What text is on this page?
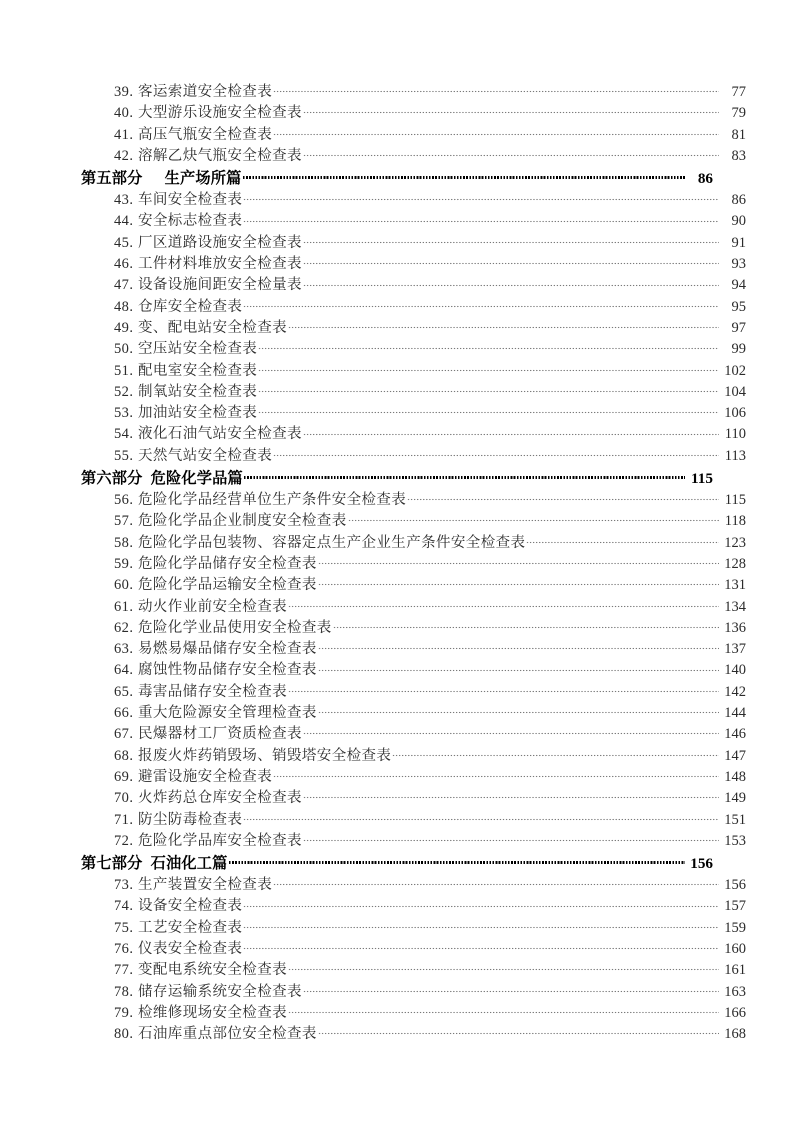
39 . 客运索道安全检查表	77
40 . 大型游乐设施安全检查表	79
41 . 高压气瓶安全检查表	81
42 . 溶解乙炔气瓶安全检查表	83
第五部分 生产场所篇	86
43 . 车间安全检查表	86
44 . 安全标志检查表	90
45 . 厂区道路设施安全检查表	91
46 . 工件材料堆放安全检查表	93
47 . 设备设施间距安全检量表	94
48 . 仓库安全检查表	95
49 . 变、配电站安全检查表	97
50 . 空压站安全检查表	99
51 . 配电室安全检查表	102
52 . 制氧站安全检查表	104
53 . 加油站安全检查表	106
54 . 液化石油气站安全检查表	110
55 . 天然气站安全检查表	113
第六部分 危险化学品篇	115
56 . 危险化学品经营单位生产条件安全检查表	115
57 . 危险化学品企业制度安全检查表	118
58 . 危险化学品包装物、容器定点生产企业生产条件安全检查表	123
59 . 危险化学品储存安全检查表	128
60 . 危险化学品运输安全检查表	131
61 . 动火作业前安全检查表	134
62 . 危险化学业品使用安全检查表	136
63 . 易燃易爆品储存安全检查表	137
64 . 腐蚀性物品储存安全检查表	140
65 . 毒害品储存安全检查表	142
66 . 重大危险源安全管理检查表	144
67 . 民爆器材工厂资质检查表	146
68 . 报废火炸药销毁场、销毁塔安全检查表	147
69 . 避雷设施安全检查表	148
70 . 火炸药总仓库安全检查表	149
71 . 防尘防毒检查表	151
72 . 危险化学品库安全检查表	153
第七部分 石油化工篇	156
73 . 生产装置安全检查表	156
74 . 设备安全检查表	157
75 . 工艺安全检查表	159
76 . 仪表安全检查表	160
77 . 变配电系统安全检查表	161
78 . 储存运输系统安全检查表	163
79 . 检维修现场安全检查表	166
80 . 石油库重点部位安全检查表	168
